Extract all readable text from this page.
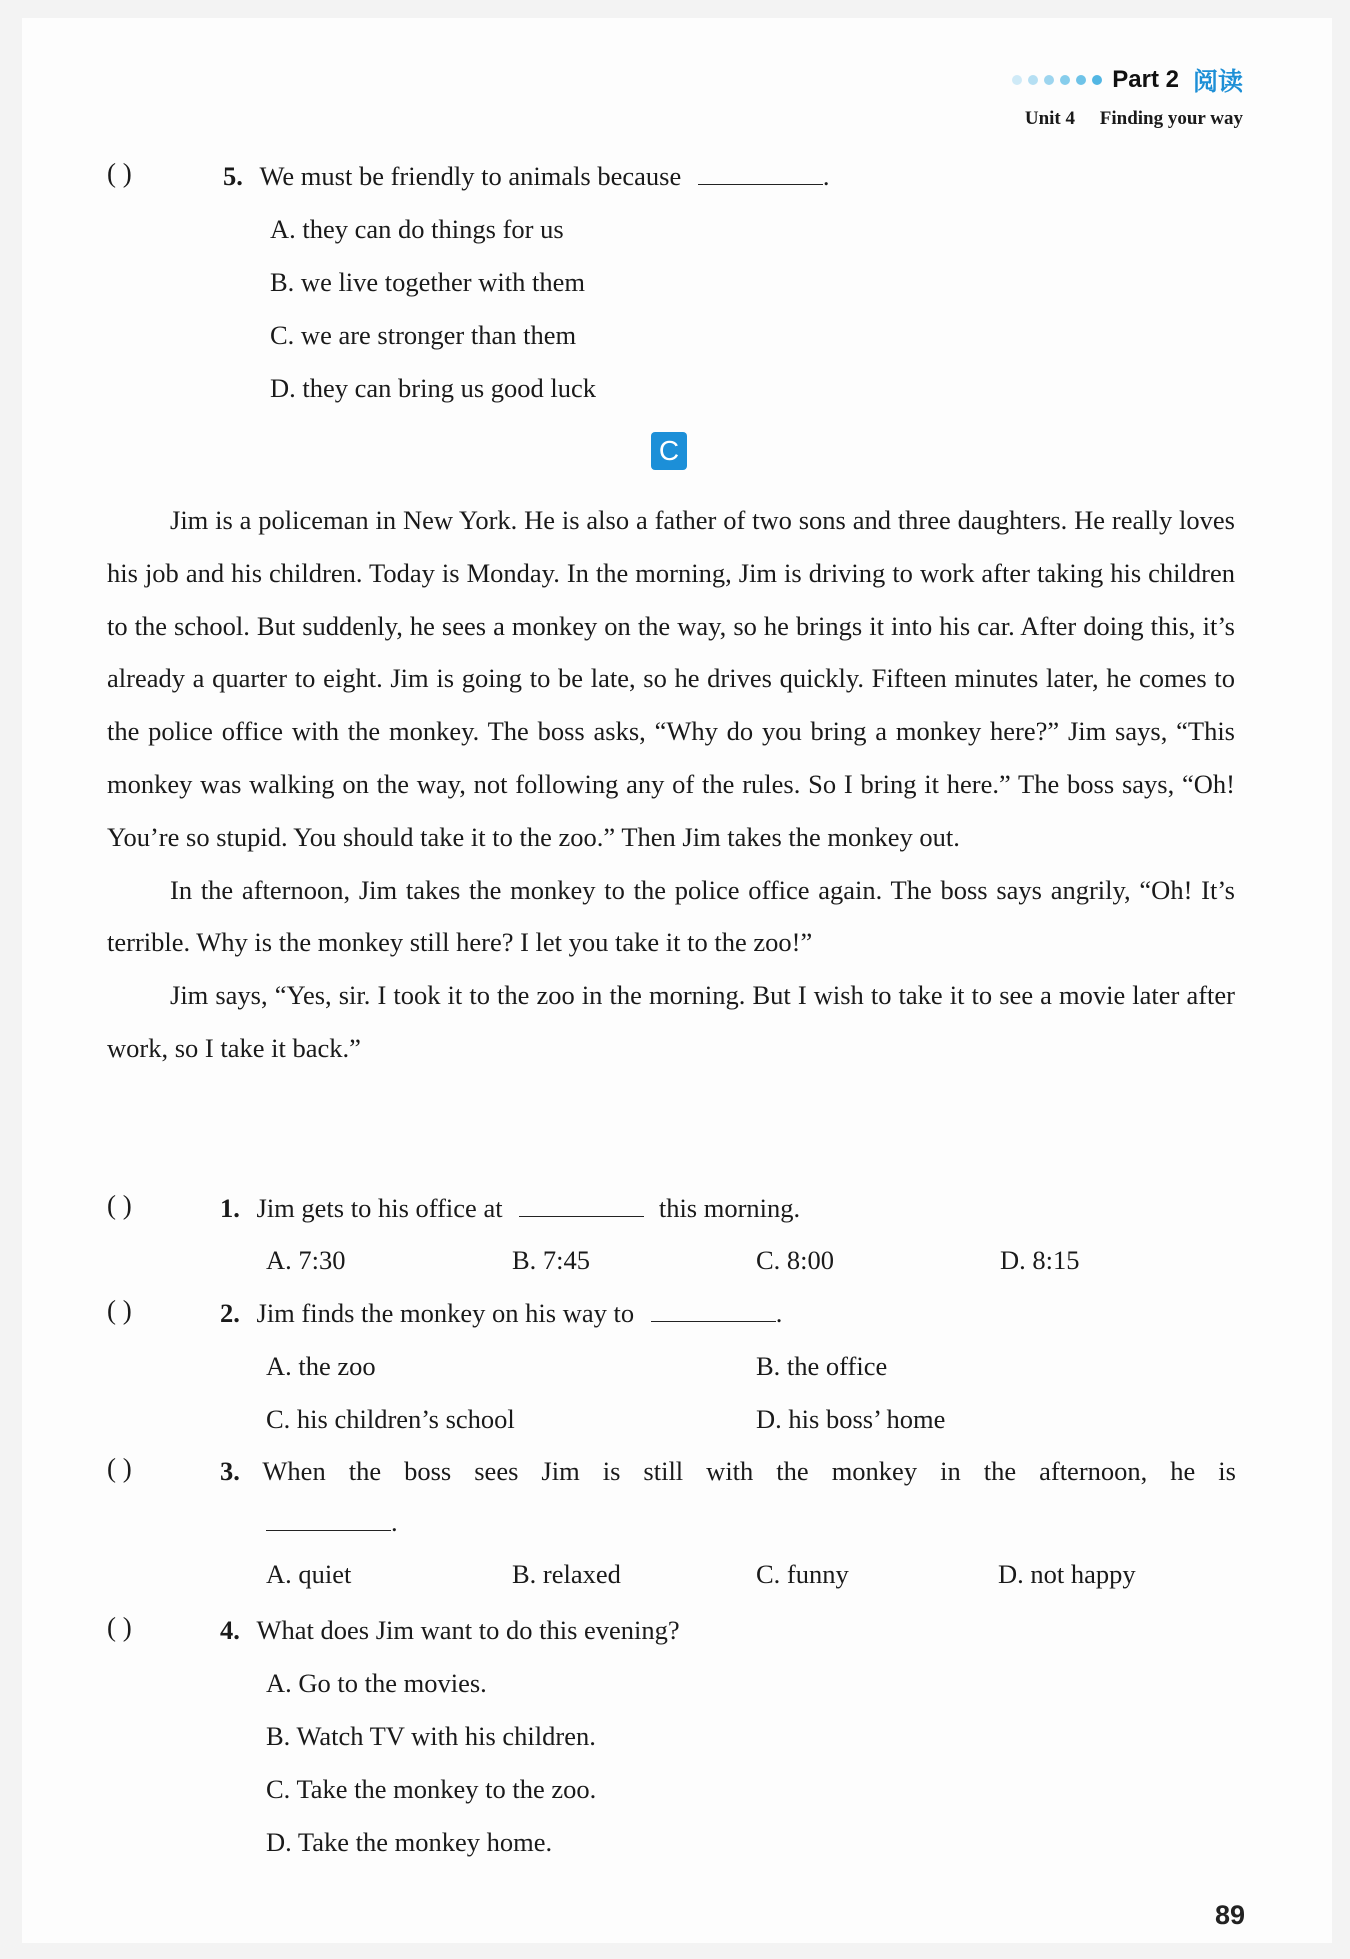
Part 2 阅读
Unit 4 Finding your way
( )	5. We must be friendly to animals because	.
A. they can do things for us
B. we live together with them
C. we are stronger than them
D. they can bring us good luck
C

Jim is a policeman in New York. He is also a father of two sons and three daughters. He really loves his job and his children. Today is Monday. In the morning, Jim is driving to work after taking his children to the school. But suddenly, he sees a monkey on the way, so he brings it into his car. After doing this, it’s already a quarter to eight. Jim is going to be late, so he drives quickly. Fifteen minutes later, he comes to the police office with the monkey. The boss asks, “Why do you bring a monkey here?” Jim says, “This monkey was walking on the way, not following any of the rules. So I bring it here.” The boss says, “Oh! You’re so stupid. You should take it to the zoo.” Then Jim takes the monkey out.

In the afternoon, Jim takes the monkey to the police office again. The boss says angrily, “Oh! It’s terrible. Why is the monkey still here? I let you take it to the zoo!”

Jim says, “Yes, sir. I took it to the zoo in the morning. But I wish to take it to see a movie later after work, so I take it back.”

( )	1. Jim gets to his office at	this morning.
A. 7:30	B. 7:45	C. 8:00	D. 8:15
( )	2. Jim finds the monkey on his way to	.
A. the zoo	B. the office
C. his children’s school	D. his boss’ home
( )	3. When the boss sees Jim is still with the monkey in the afternoon, he is
.
A. quiet	B. relaxed	C. funny	D. not happy
( )	4. What does Jim want to do this evening?
A. Go to the movies.
B. Watch TV with his children.
C. Take the monkey to the zoo.
D. Take the monkey home.
89
